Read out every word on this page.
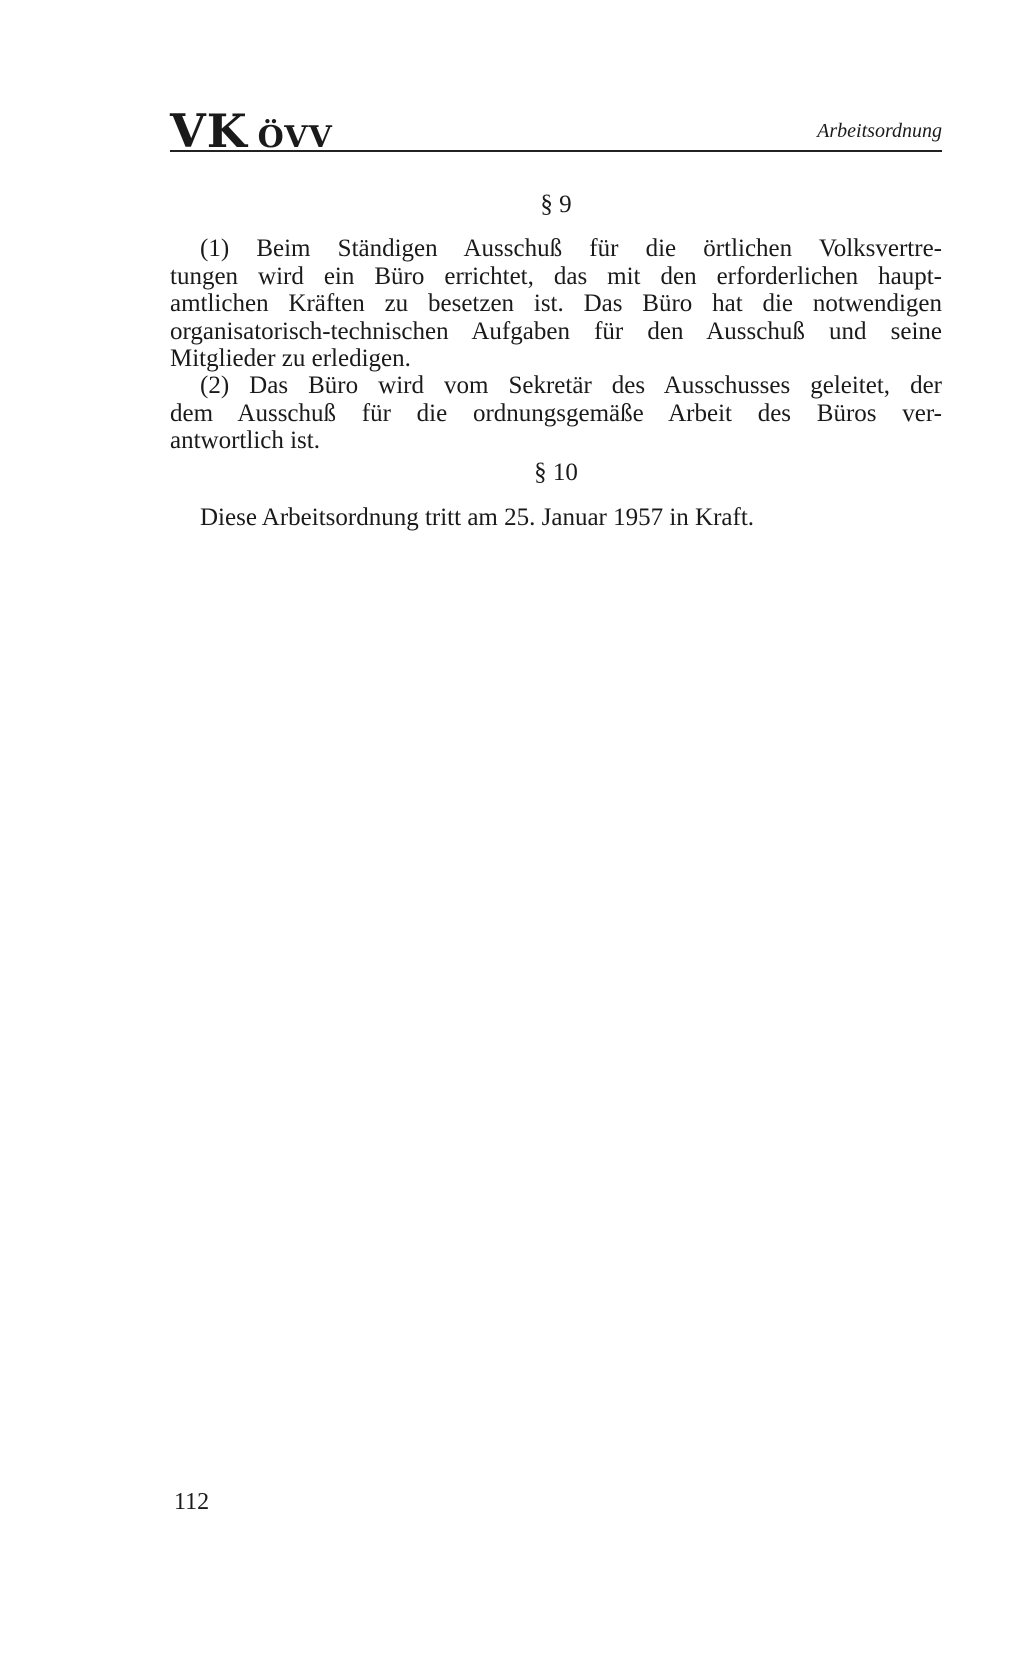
VK ÖVV	Arbeitsordnung
§ 9
(1) Beim Ständigen Ausschuß für die örtlichen Volksvertre-
tungen wird ein Büro errichtet, das mit den erforderlichen haupt-
amtlichen Kräften zu besetzen ist. Das Büro hat die notwendigen
organisatorisch-technischen Aufgaben für den Ausschuß und seine
Mitglieder zu erledigen.
(2) Das Büro wird vom Sekretär des Ausschusses geleitet, der
dem Ausschuß für die ordnungsgemäße Arbeit des Büros ver-
antwortlich ist.
§ 10
Diese Arbeitsordnung tritt am 25. Januar 1957 in Kraft.
112
